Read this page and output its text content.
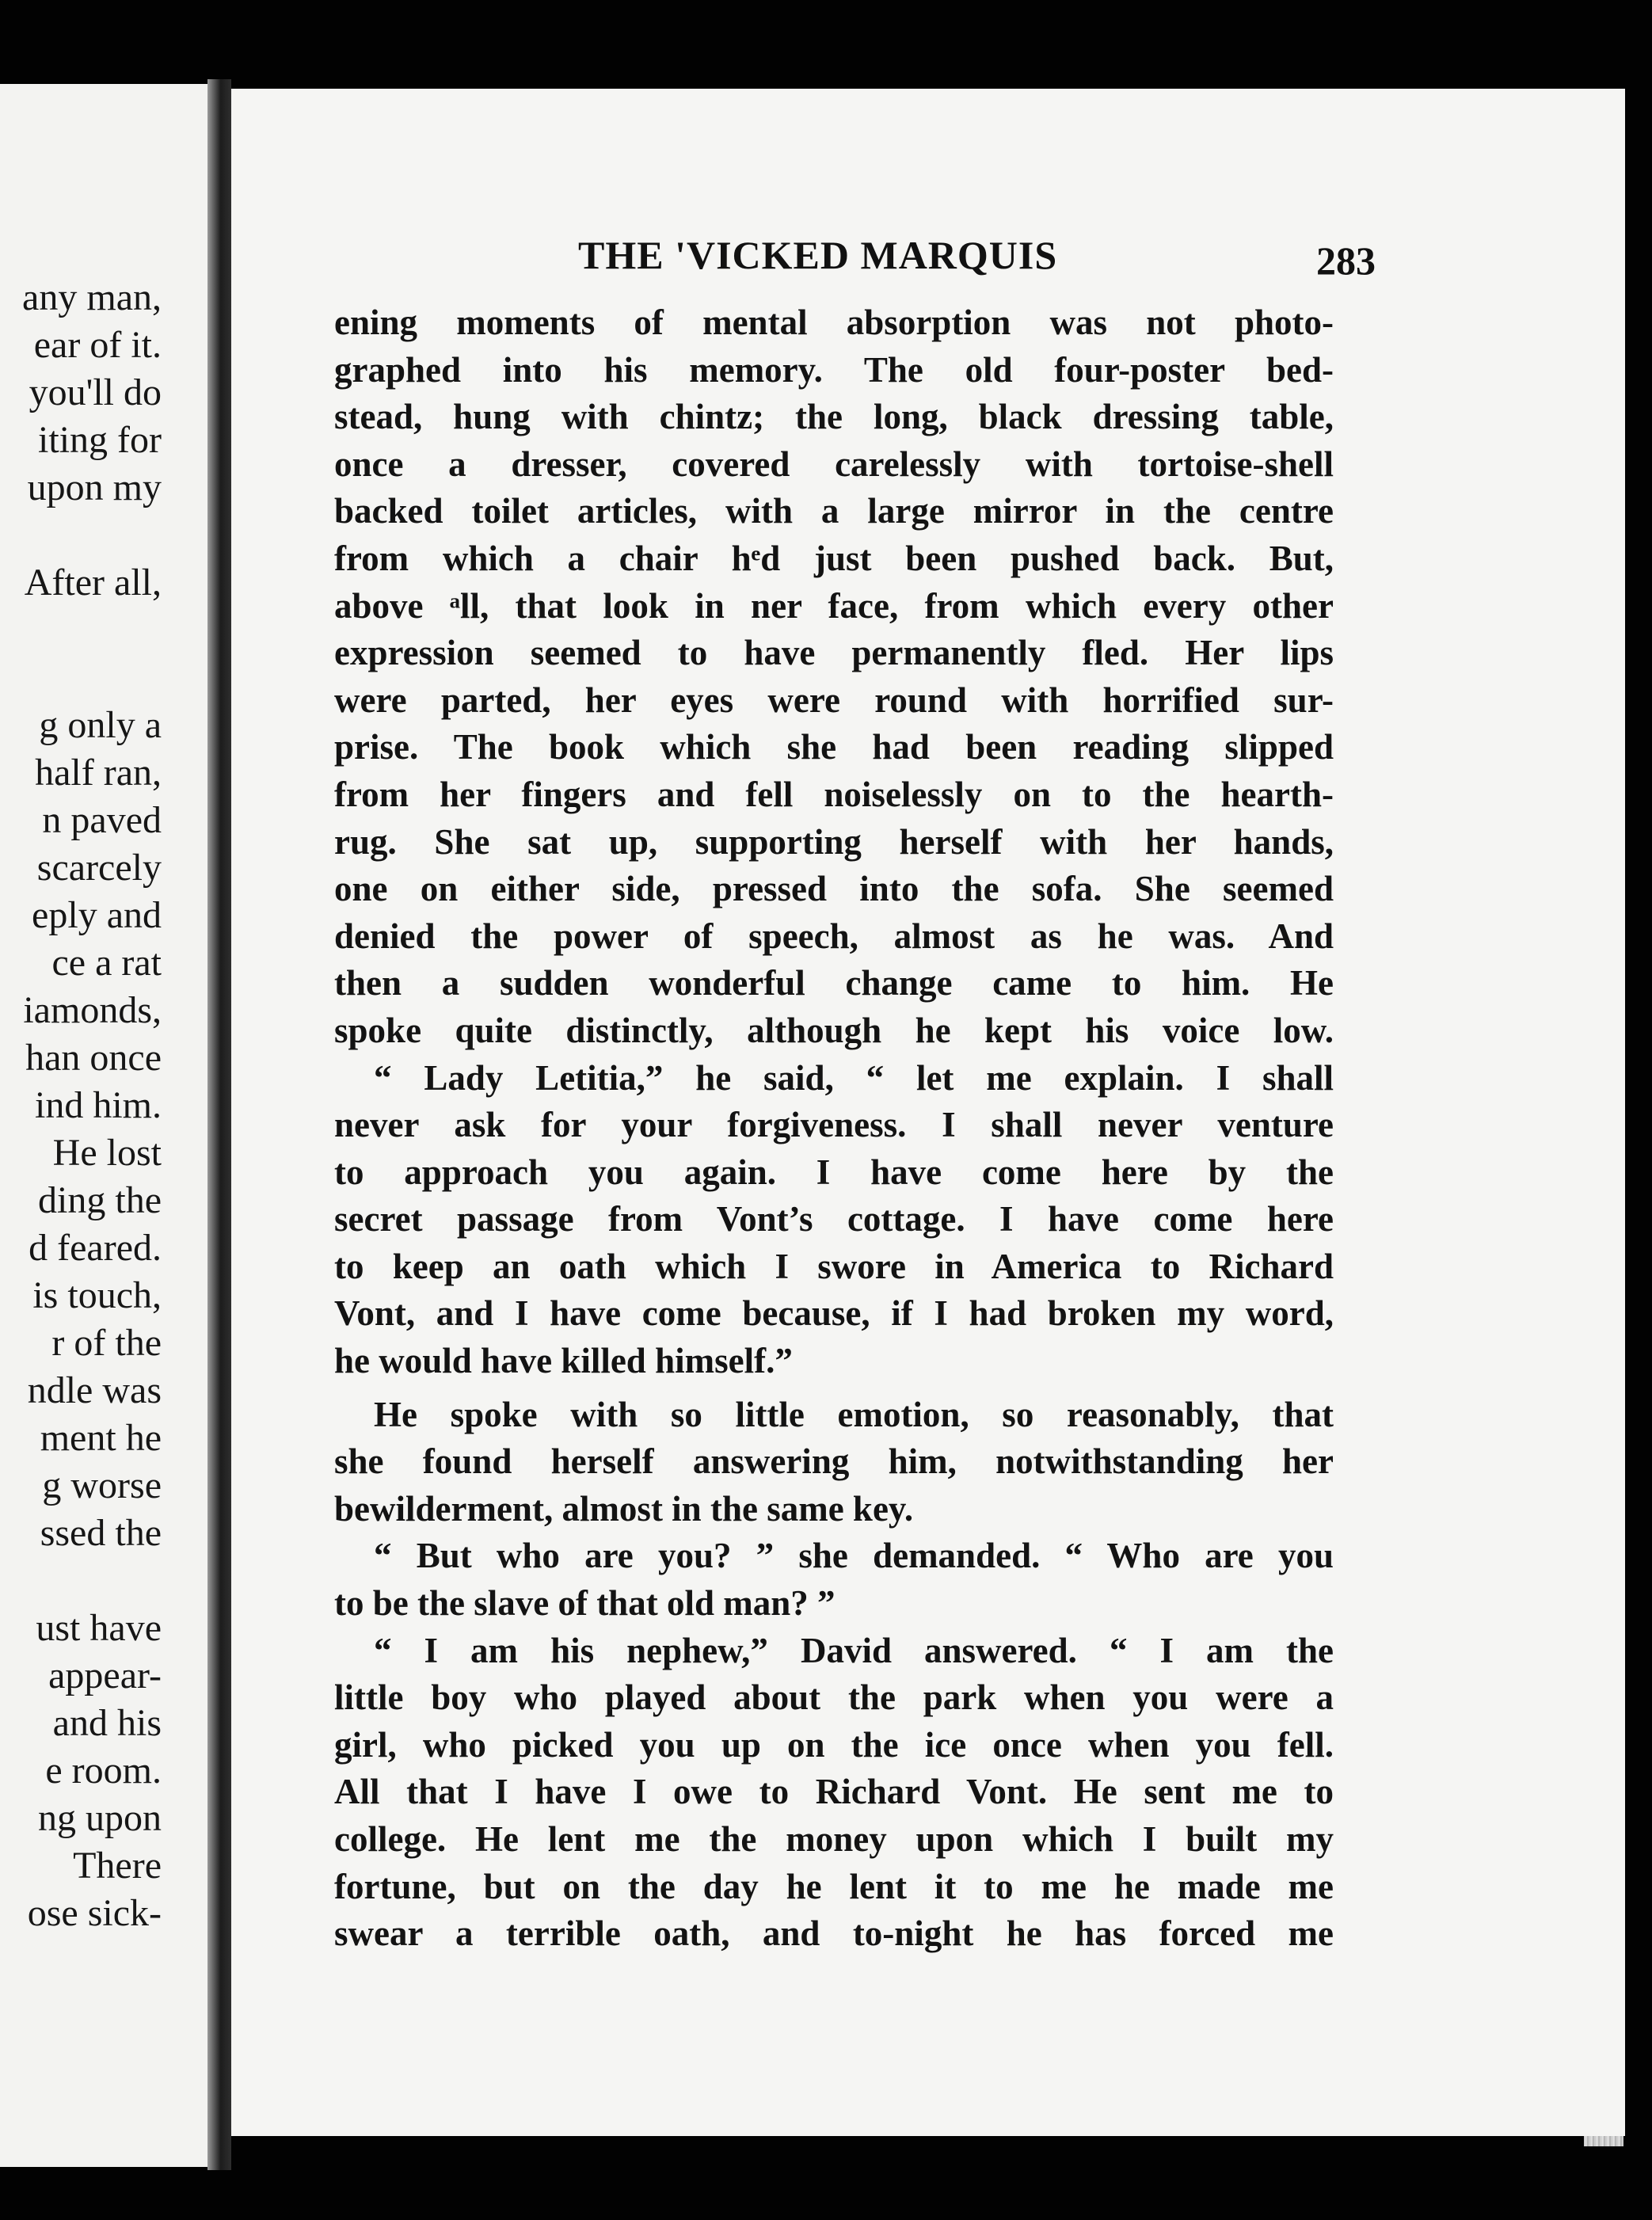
any man,
ear of it.
you'll do
iting for
upon my
After all,
g only a
half ran,
n paved
scarcely
eply and
ce a rat
iamonds,
han once
ind him.
He lost
ding the
d feared.
is touch,
r of the
ndle was
ment he
g worse
ssed the
ust have
appear-
and his
e room.
ng upon
There
ose sick-
THE 'VICKED MARQUIS	283
ening moments of mental absorption was not photo-
graphed into his memory. The old four-poster bed-
stead, hung with chintz; the long, black dressing table,
once a dresser, covered carelessly with tortoise-shell
backed toilet articles, with a large mirror in the centre
from which a chair hᵉd just been pushed back. But,
above ᵃll, that look in ner face, from which every other
expression seemed to have permanently fled. Her lips
were parted, her eyes were round with horrified sur-
prise. The book which she had been reading slipped
from her fingers and fell noiselessly on to the hearth-
rug. She sat up, supporting herself with her hands,
one on either side, pressed into the sofa. She seemed
denied the power of speech, almost as he was. And
then a sudden wonderful change came to him. He
spoke quite distinctly, although he kept his voice low.
“ Lady Letitia,” he said, “ let me explain. I shall
never ask for your forgiveness. I shall never venture
to approach you again. I have come here by the
secret passage from Vont’s cottage. I have come here
to keep an oath which I swore in America to Richard
Vont, and I have come because, if I had broken my word,
he would have killed himself.”
He spoke with so little emotion, so reasonably, that
she found herself answering him, notwithstanding her
bewilderment, almost in the same key.
“ But who are you? ” she demanded. “ Who are you
to be the slave of that old man? ”
“ I am his nephew,” David answered. “ I am the
little boy who played about the park when you were a
girl, who picked you up on the ice once when you fell.
All that I have I owe to Richard Vont. He sent me to
college. He lent me the money upon which I built my
fortune, but on the day he lent it to me he made me
swear a terrible oath, and to-night he has forced me
